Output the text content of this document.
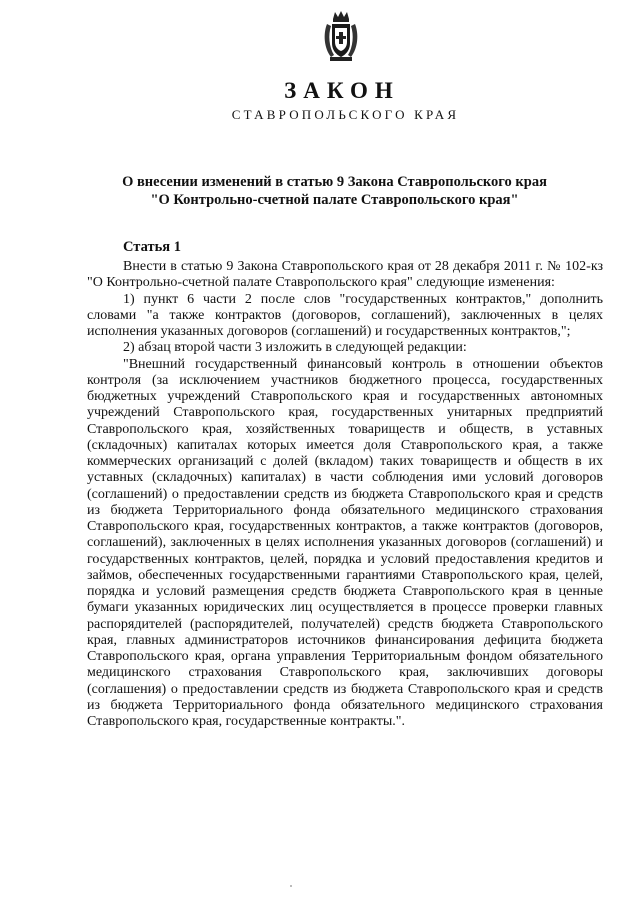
ЗАКОН
СТАВРОПОЛЬСКОГО КРАЯ
О внесении изменений в статью 9 Закона Ставропольского края
"О Контрольно-счетной палате Ставропольского края"
Статья 1

Внести в статью 9 Закона Ставропольского края от 28 декабря 2011 г. № 102-кз "О Контрольно-счетной палате Ставропольского края" следующие изменения:

1) пункт 6 части 2 после слов "государственных контрактов," дополнить словами "а также контрактов (договоров, соглашений), заключенных в целях исполнения указанных договоров (соглашений) и государственных контрактов,";

2) абзац второй части 3 изложить в следующей редакции:

"Внешний государственный финансовый контроль в отношении объектов контроля (за исключением участников бюджетного процесса, государственных бюджетных учреждений Ставропольского края и государственных автономных учреждений Ставропольского края, государственных унитарных предприятий Ставропольского края, хозяйственных товариществ и обществ, в уставных (складочных) капиталах которых имеется доля Ставропольского края, а также коммерческих организаций с долей (вкладом) таких товариществ и обществ в их уставных (складочных) капиталах) в части соблюдения ими условий договоров (соглашений) о предоставлении средств из бюджета Ставропольского края и средств из бюджета Территориального фонда обязательного медицинского страхования Ставропольского края, государственных контрактов, а также контрактов (договоров, соглашений), заключенных в целях исполнения указанных договоров (соглашений) и государственных контрактов, целей, порядка и условий предоставления кредитов и займов, обеспеченных государственными гарантиями Ставропольского края, целей, порядка и условий размещения средств бюджета Ставропольского края в ценные бумаги указанных юридических лиц осуществляется в процессе проверки главных распорядителей (распорядителей, получателей) средств бюджета Ставропольского края, главных администраторов источников финансирования дефицита бюджета Ставропольского края, органа управления Территориальным фондом обязательного медицинского страхования Ставропольского края, заключивших договоры (соглашения) о предоставлении средств из бюджета Ставропольского края и средств из бюджета Территориального фонда обязательного медицинского страхования Ставропольского края, государственные контракты.".
